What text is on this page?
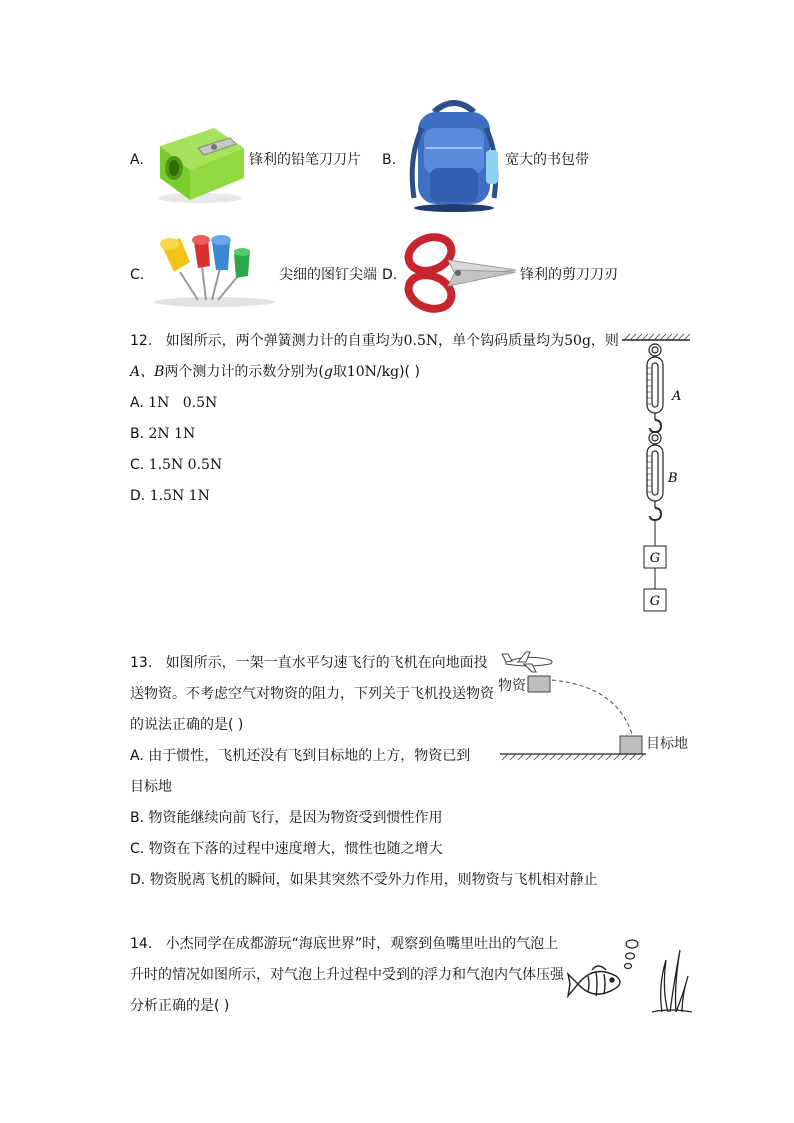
A.	锋利的铅笔刀刀片 B.	宽大的书包带
C.	尖细的图钉尖端 D.	锋利的剪刀刀刃
12. 如图所示，两个弹簧测力计的自重均为0.5N，单个钩码质量均为50g，则
A、B两个测力计的示数分别为(g取10N/kg)( )
A. 1N 0.5N
B. 2N 1N
C. 1.5N 0.5N
D. 1.5N 1N
A
B
G
G
13. 如图所示，一架一直水平匀速飞行的飞机在向地面投
送物资。不考虑空气对物资的阻力，下列关于飞机投送物资
的说法正确的是( )
A. 由于惯性，飞机还没有飞到目标地的上方，物资已到
目标地
B. 物资能继续向前飞行，是因为物资受到惯性作用
C. 物资在下落的过程中速度增大，惯性也随之增大
D. 物资脱离飞机的瞬间，如果其突然不受外力作用，则物资与飞机相对静止
物资
目标地
14. 小杰同学在成都游玩“海底世界”时，观察到鱼嘴里吐出的气泡上
升时的情况如图所示，对气泡上升过程中受到的浮力和气泡内气体压强
分析正确的是( )
